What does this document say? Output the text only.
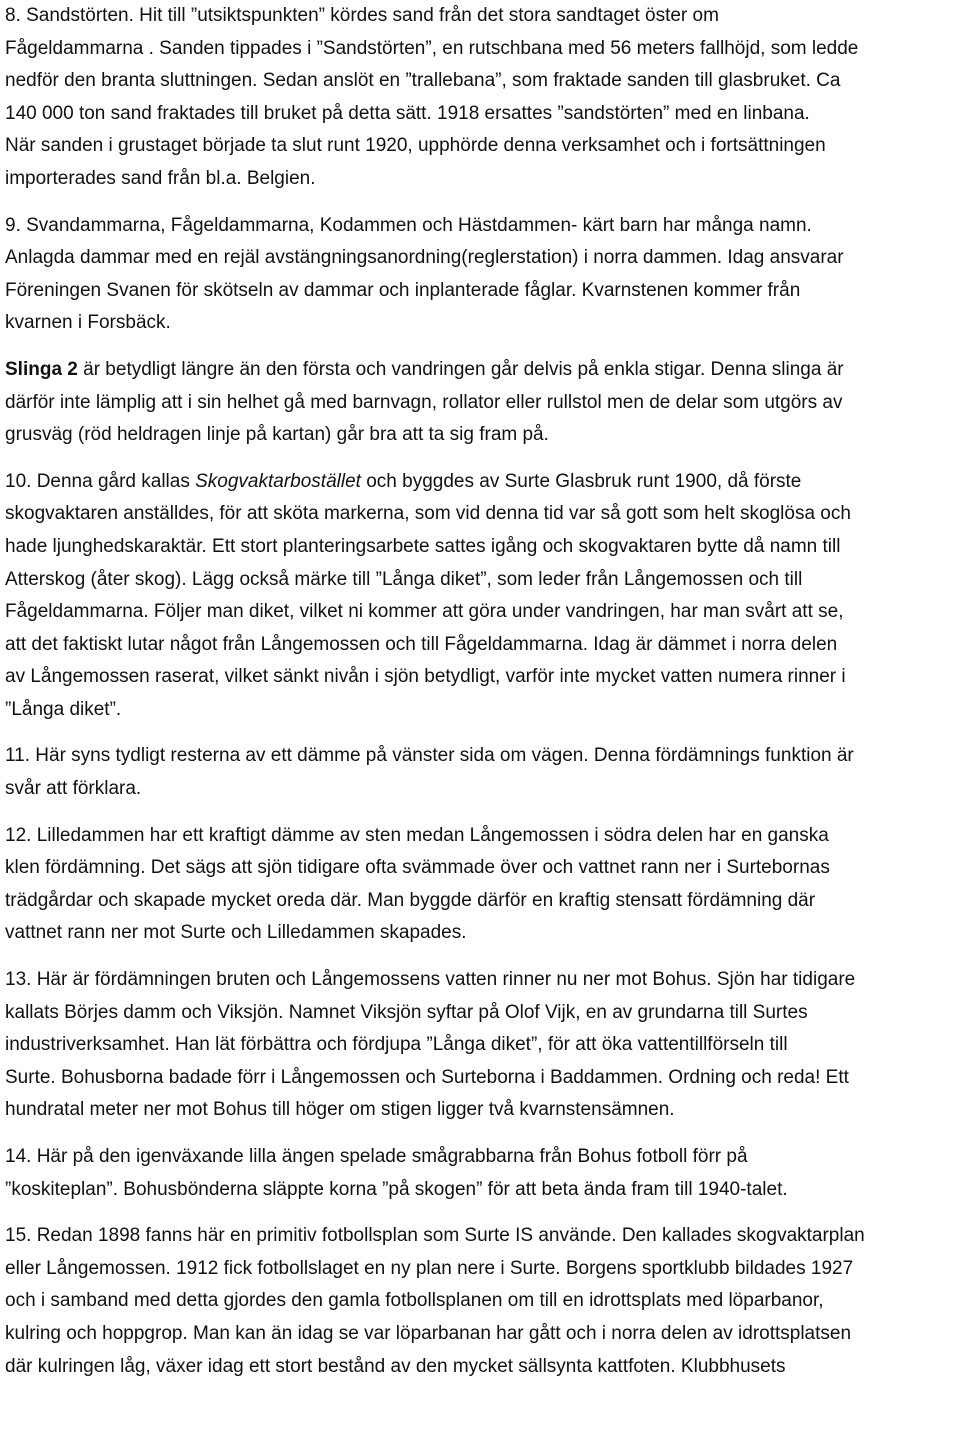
8. Sandstörten. Hit till ”utsiktspunkten” kördes sand från det stora sandtaget öster om
Fågeldammarna . Sanden tippades i ”Sandstörten”, en rutschbana med 56 meters fallhöjd, som ledde
nedför den branta sluttningen. Sedan anslöt en ”trallebana”, som fraktade sanden till glasbruket. Ca
140 000 ton sand fraktades till bruket på detta sätt. 1918 ersattes ”sandstörten” med en linbana.
När sanden i grustaget började ta slut runt 1920, upphörde denna verksamhet och i fortsättningen
importerades sand från bl.a. Belgien.
9. Svandammarna, Fågeldammarna, Kodammen och Hästdammen- kärt barn har många namn.
Anlagda dammar med en rejäl avstängningsanordning(reglerstation) i norra dammen. Idag ansvarar
Föreningen Svanen för skötseln av dammar och inplanterade fåglar. Kvarnstenen kommer från
kvarnen i Forsbäck.
Slinga 2 är betydligt längre än den första och vandringen går delvis på enkla stigar. Denna slinga är
därför inte lämplig att i sin helhet gå med barnvagn, rollator eller rullstol men de delar som utgörs av
grusväg (röd heldragen linje på kartan) går bra att ta sig fram på.
10. Denna gård kallas Skogvaktarbostället och byggdes av Surte Glasbruk runt 1900, då förste
skogvaktaren anställdes, för att sköta markerna, som vid denna tid var så gott som helt skoglösa och
hade ljunghedskaraktär. Ett stort planteringsarbete sattes igång och skogvaktaren bytte då namn till
Atterskog (åter skog). Lägg också märke till ”Långa diket”, som leder från Långemossen och till
Fågeldammarna. Följer man diket, vilket ni kommer att göra under vandringen, har man svårt att se,
att det faktiskt lutar något från Långemossen och till Fågeldammarna. Idag är dämmet i norra delen
av Långemossen raserat, vilket sänkt nivån i sjön betydligt, varför inte mycket vatten numera rinner i
”Långa diket”.
11. Här syns tydligt resterna av ett dämme på vänster sida om vägen. Denna fördämnings funktion är
svår att förklara.
12. Lilledammen har ett kraftigt dämme av sten medan Långemossen i södra delen har en ganska
klen fördämning. Det sägs att sjön tidigare ofta svämmade över och vattnet rann ner i Surtebornas
trädgårdar och skapade mycket oreda där. Man byggde därför en kraftig stensatt fördämning där
vattnet rann ner mot Surte och Lilledammen skapades.
13. Här är fördämningen bruten och Långemossens vatten rinner nu ner mot Bohus. Sjön har tidigare
kallats Börjes damm och Viksjön. Namnet Viksjön syftar på Olof Vijk, en av grundarna till Surtes
industriverksamhet. Han lät förbättra och fördjupa ”Långa diket”, för att öka vattentillförseln till
Surte. Bohusborna badade förr i Långemossen och Surteborna i Baddammen. Ordning och reda! Ett
hundratal meter ner mot Bohus till höger om stigen ligger två kvarnstensämnen.
14. Här på den igenväxande lilla ängen spelade smågrabbarna från Bohus fotboll förr på
”koskiteplan”. Bohusbönderna släppte korna ”på skogen” för att beta ända fram till 1940-talet.
15. Redan 1898 fanns här en primitiv fotbollsplan som Surte IS använde. Den kallades skogvaktarplan
eller Långemossen. 1912 fick fotbollslaget en ny plan nere i Surte. Borgens sportklubb bildades 1927
och i samband med detta gjordes den gamla fotbollsplanen om till en idrottsplats med löparbanor,
kulring och hoppgrop. Man kan än idag se var löparbanan har gått och i norra delen av idrottsplatsen
där kulringen låg, växer idag ett stort bestånd av den mycket sällsynta kattfoten. Klubbhusets
